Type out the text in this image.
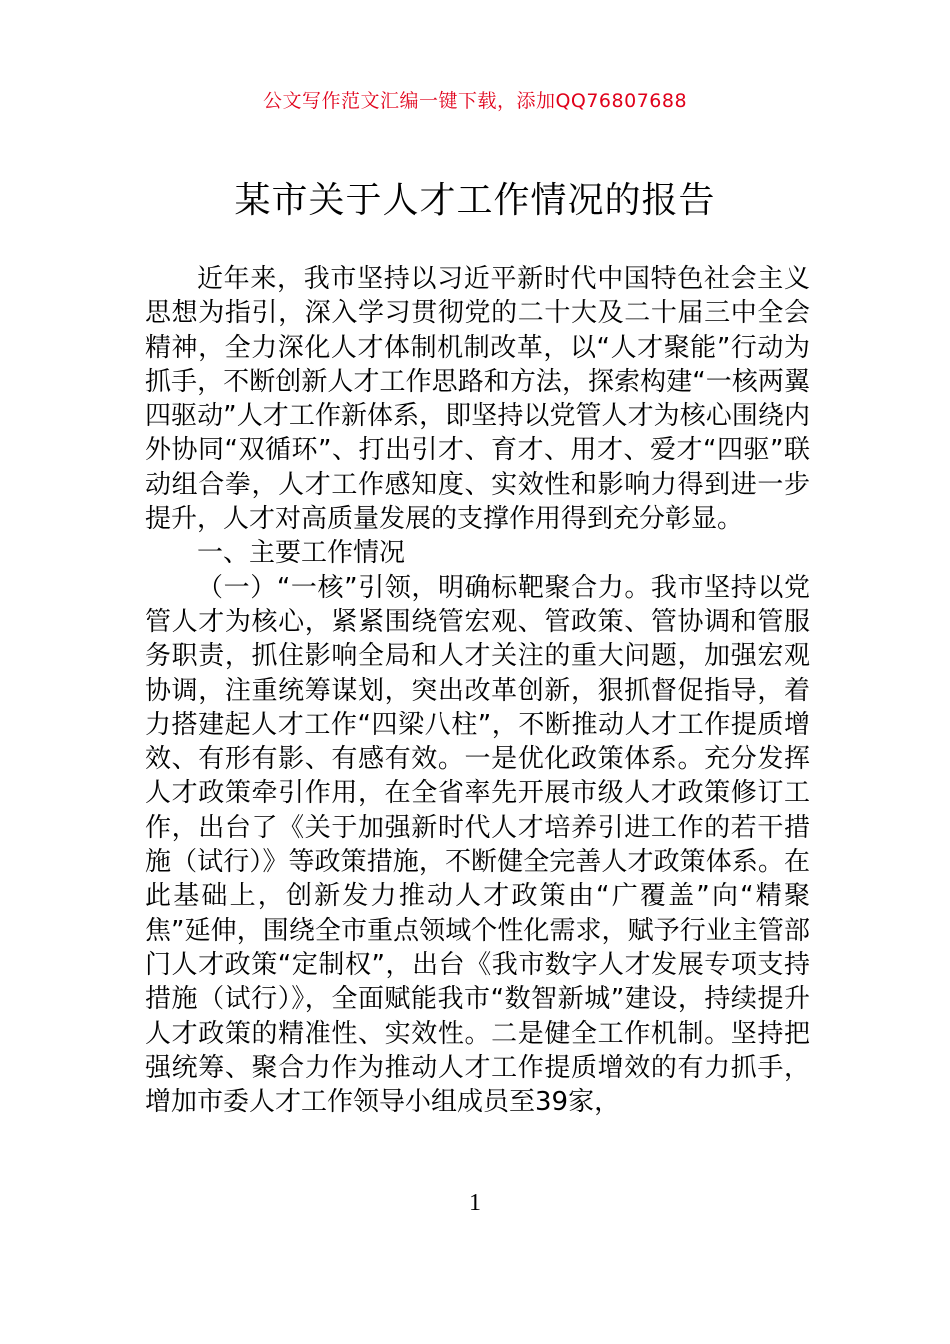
公文写作范文汇编一键下载，添加QQ76807688
某市关于人才工作情况的报告

近年来，我市坚持以习近平新时代中国特色社会主义思想为指引，深入学习贯彻党的二十大及二十届三中全会精神，全力深化人才体制机制改革，以“人才聚能”行动为抓手，不断创新人才工作思路和方法，探索构建“一核两翼四驱动”人才工作新体系，即坚持以党管人才为核心围绕内外协同“双循环”、打出引才、育才、用才、爱才“四驱”联动组合拳，人才工作感知度、实效性和影响力得到进一步提升，人才对高质量发展的支撑作用得到充分彰显。

一、主要工作情况

（一）“一核”引领，明确标靶聚合力。我市坚持以党管人才为核心，紧紧围绕管宏观、管政策、管协调和管服务职责，抓住影响全局和人才关注的重大问题，加强宏观协调，注重统筹谋划，突出改革创新，狠抓督促指导，着力搭建起人才工作“四梁八柱”，不断推动人才工作提质增效、有形有影、有感有效。一是优化政策体系。充分发挥人才政策牵引作用，在全省率先开展市级人才政策修订工作，出台了《关于加强新时代人才培养引进工作的若干措施（试行）》等政策措施，不断健全完善人才政策体系。在此基础上，创新发力推动人才政策由“广覆盖”向“精聚焦”延伸，围绕全市重点领域个性化需求，赋予行业主管部门人才政策“定制权”，出台《我市数字人才发展专项支持措施（试行）》，全面赋能我市“数智新城”建设，持续提升人才政策的精准性、实效性。二是健全工作机制。坚持把强统筹、聚合力作为推动人才工作提质增效的有力抓手，增加市委人才工作领导小组成员至39家，

1
